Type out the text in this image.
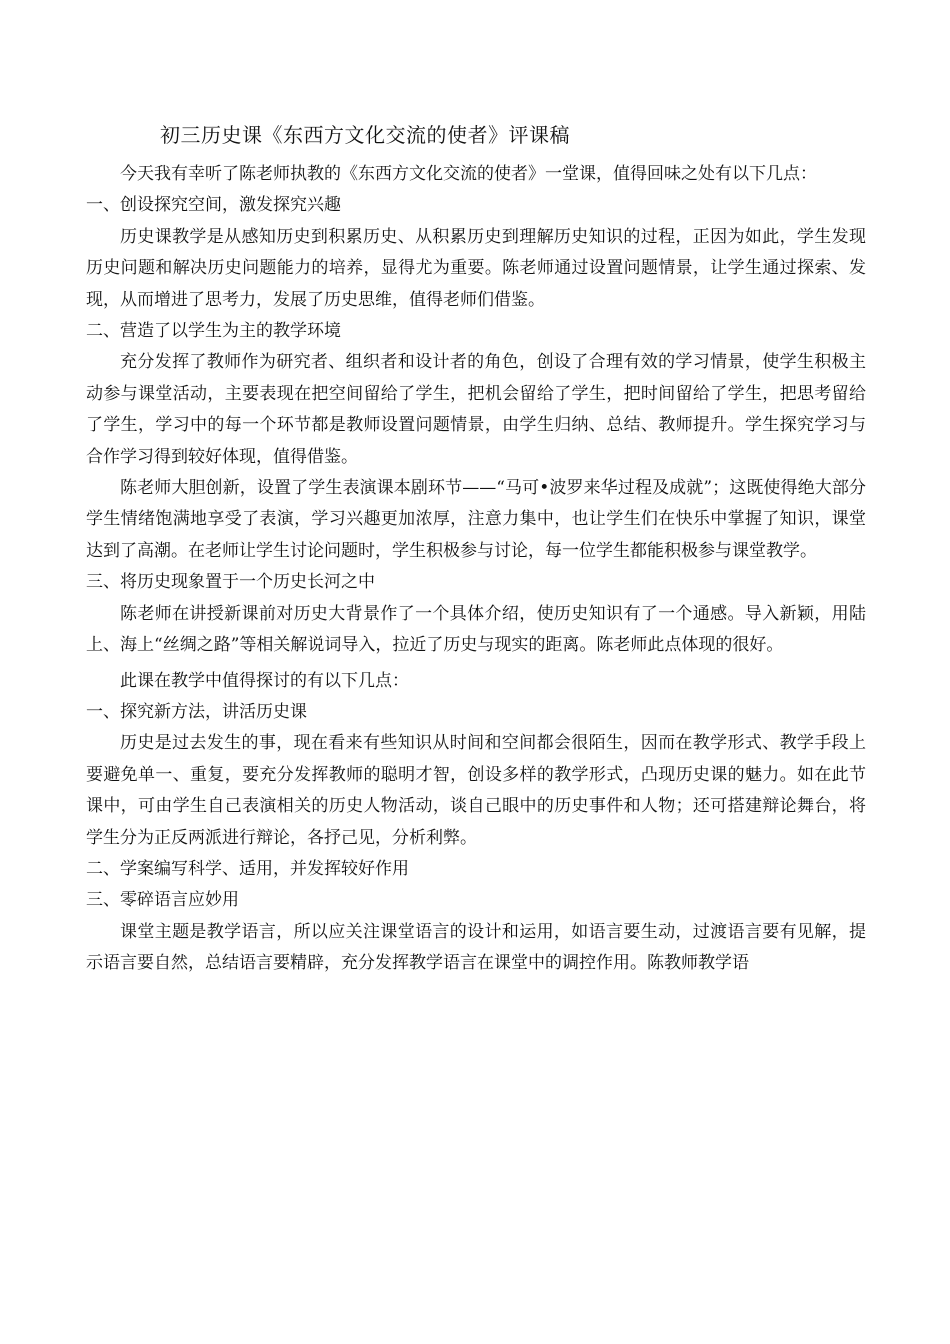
初三历史课《东西方文化交流的使者》评课稿

今天我有幸听了陈老师执教的《东西方文化交流的使者》一堂课，值得回味之处有以下几点：

一、创设探究空间，激发探究兴趣

历史课教学是从感知历史到积累历史、从积累历史到理解历史知识的过程，正因为如此，学生发现历史问题和解决历史问题能力的培养，显得尤为重要。陈老师通过设置问题情景，让学生通过探索、发现，从而增进了思考力，发展了历史思维，值得老师们借鉴。

二、营造了以学生为主的教学环境

充分发挥了教师作为研究者、组织者和设计者的角色，创设了合理有效的学习情景，使学生积极主动参与课堂活动，主要表现在把空间留给了学生，把机会留给了学生，把时间留给了学生，把思考留给了学生，学习中的每一个环节都是教师设置问题情景，由学生归纳、总结、教师提升。学生探究学习与合作学习得到较好体现，值得借鉴。

陈老师大胆创新，设置了学生表演课本剧环节——“马可•波罗来华过程及成就”；这既使得绝大部分学生情绪饱满地享受了表演，学习兴趣更加浓厚，注意力集中，也让学生们在快乐中掌握了知识，课堂达到了高潮。在老师让学生讨论问题时，学生积极参与讨论，每一位学生都能积极参与课堂教学。

三、将历史现象置于一个历史长河之中

陈老师在讲授新课前对历史大背景作了一个具体介绍，使历史知识有了一个通感。导入新颖，用陆上、海上“丝绸之路”等相关解说词导入，拉近了历史与现实的距离。陈老师此点体现的很好。

此课在教学中值得探讨的有以下几点：

一、探究新方法，讲活历史课

历史是过去发生的事，现在看来有些知识从时间和空间都会很陌生，因而在教学形式、教学手段上要避免单一、重复，要充分发挥教师的聪明才智，创设多样的教学形式，凸现历史课的魅力。如在此节课中，可由学生自己表演相关的历史人物活动，谈自己眼中的历史事件和人物；还可搭建辩论舞台，将学生分为正反两派进行辩论，各抒己见，分析利弊。

二、学案编写科学、适用，并发挥较好作用

三、零碎语言应妙用

课堂主题是教学语言，所以应关注课堂语言的设计和运用，如语言要生动，过渡语言要有见解，提示语言要自然，总结语言要精辟，充分发挥教学语言在课堂中的调控作用。陈教师教学语
